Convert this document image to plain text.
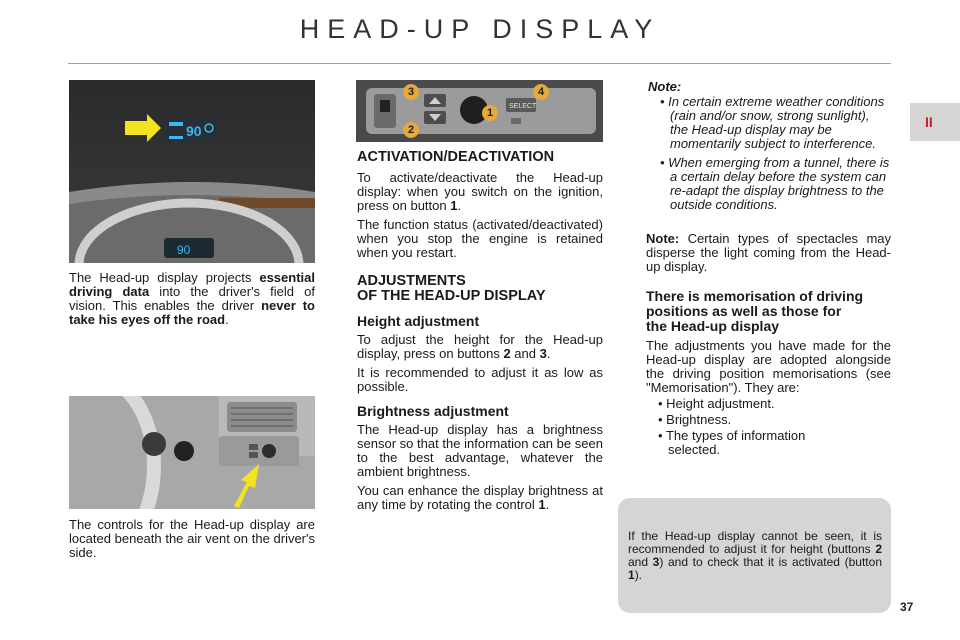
HEAD-UP DISPLAY
II
37
90
90

The Head-up display projects essential driving data into the driver's field of vision. This enables the driver never to take his eyes off the road.

The controls for the Head-up display are located beneath the air vent on the driver's side.

SELECT
3	4
1
2
ACTIVATION/DEACTIVATION

To activate/deactivate the Head-up display: when you switch on the ignition, press on button 1.

The function status (activated/deactivated) when you stop the engine is retained when you restart.

ADJUSTMENTS
OF THE HEAD-UP DISPLAY
Height adjustment

To adjust the height for the Head-up display, press on buttons 2 and 3.

It is recommended to adjust it as low as possible.

Brightness adjustment

The Head-up display has a brightness sensor so that the information can be seen to the best advantage, whatever the ambient brightness.

You can enhance the display brightness at any time by rotating the control 1.

Note:

• In certain extreme weather conditions (rain and/or snow, strong sunlight), the Head-up display may be momentarily subject to interference.

• When emerging from a tunnel, there is a certain delay before the system can re-adapt the display brightness to the outside conditions.

Note: Certain types of spectacles may disperse the light coming from the Head-up display.

There is memorisation of driving positions as well as those for the Head-up display

The adjustments you have made for the Head-up display are adopted alongside the driving position memorisations (see "Memorisation"). They are:

• Height adjustment.

• Brightness.

• The types of information selected.

If the Head-up display cannot be seen, it is recommended to adjust it for height (buttons 2 and 3) and to check that it is activated (button 1).
